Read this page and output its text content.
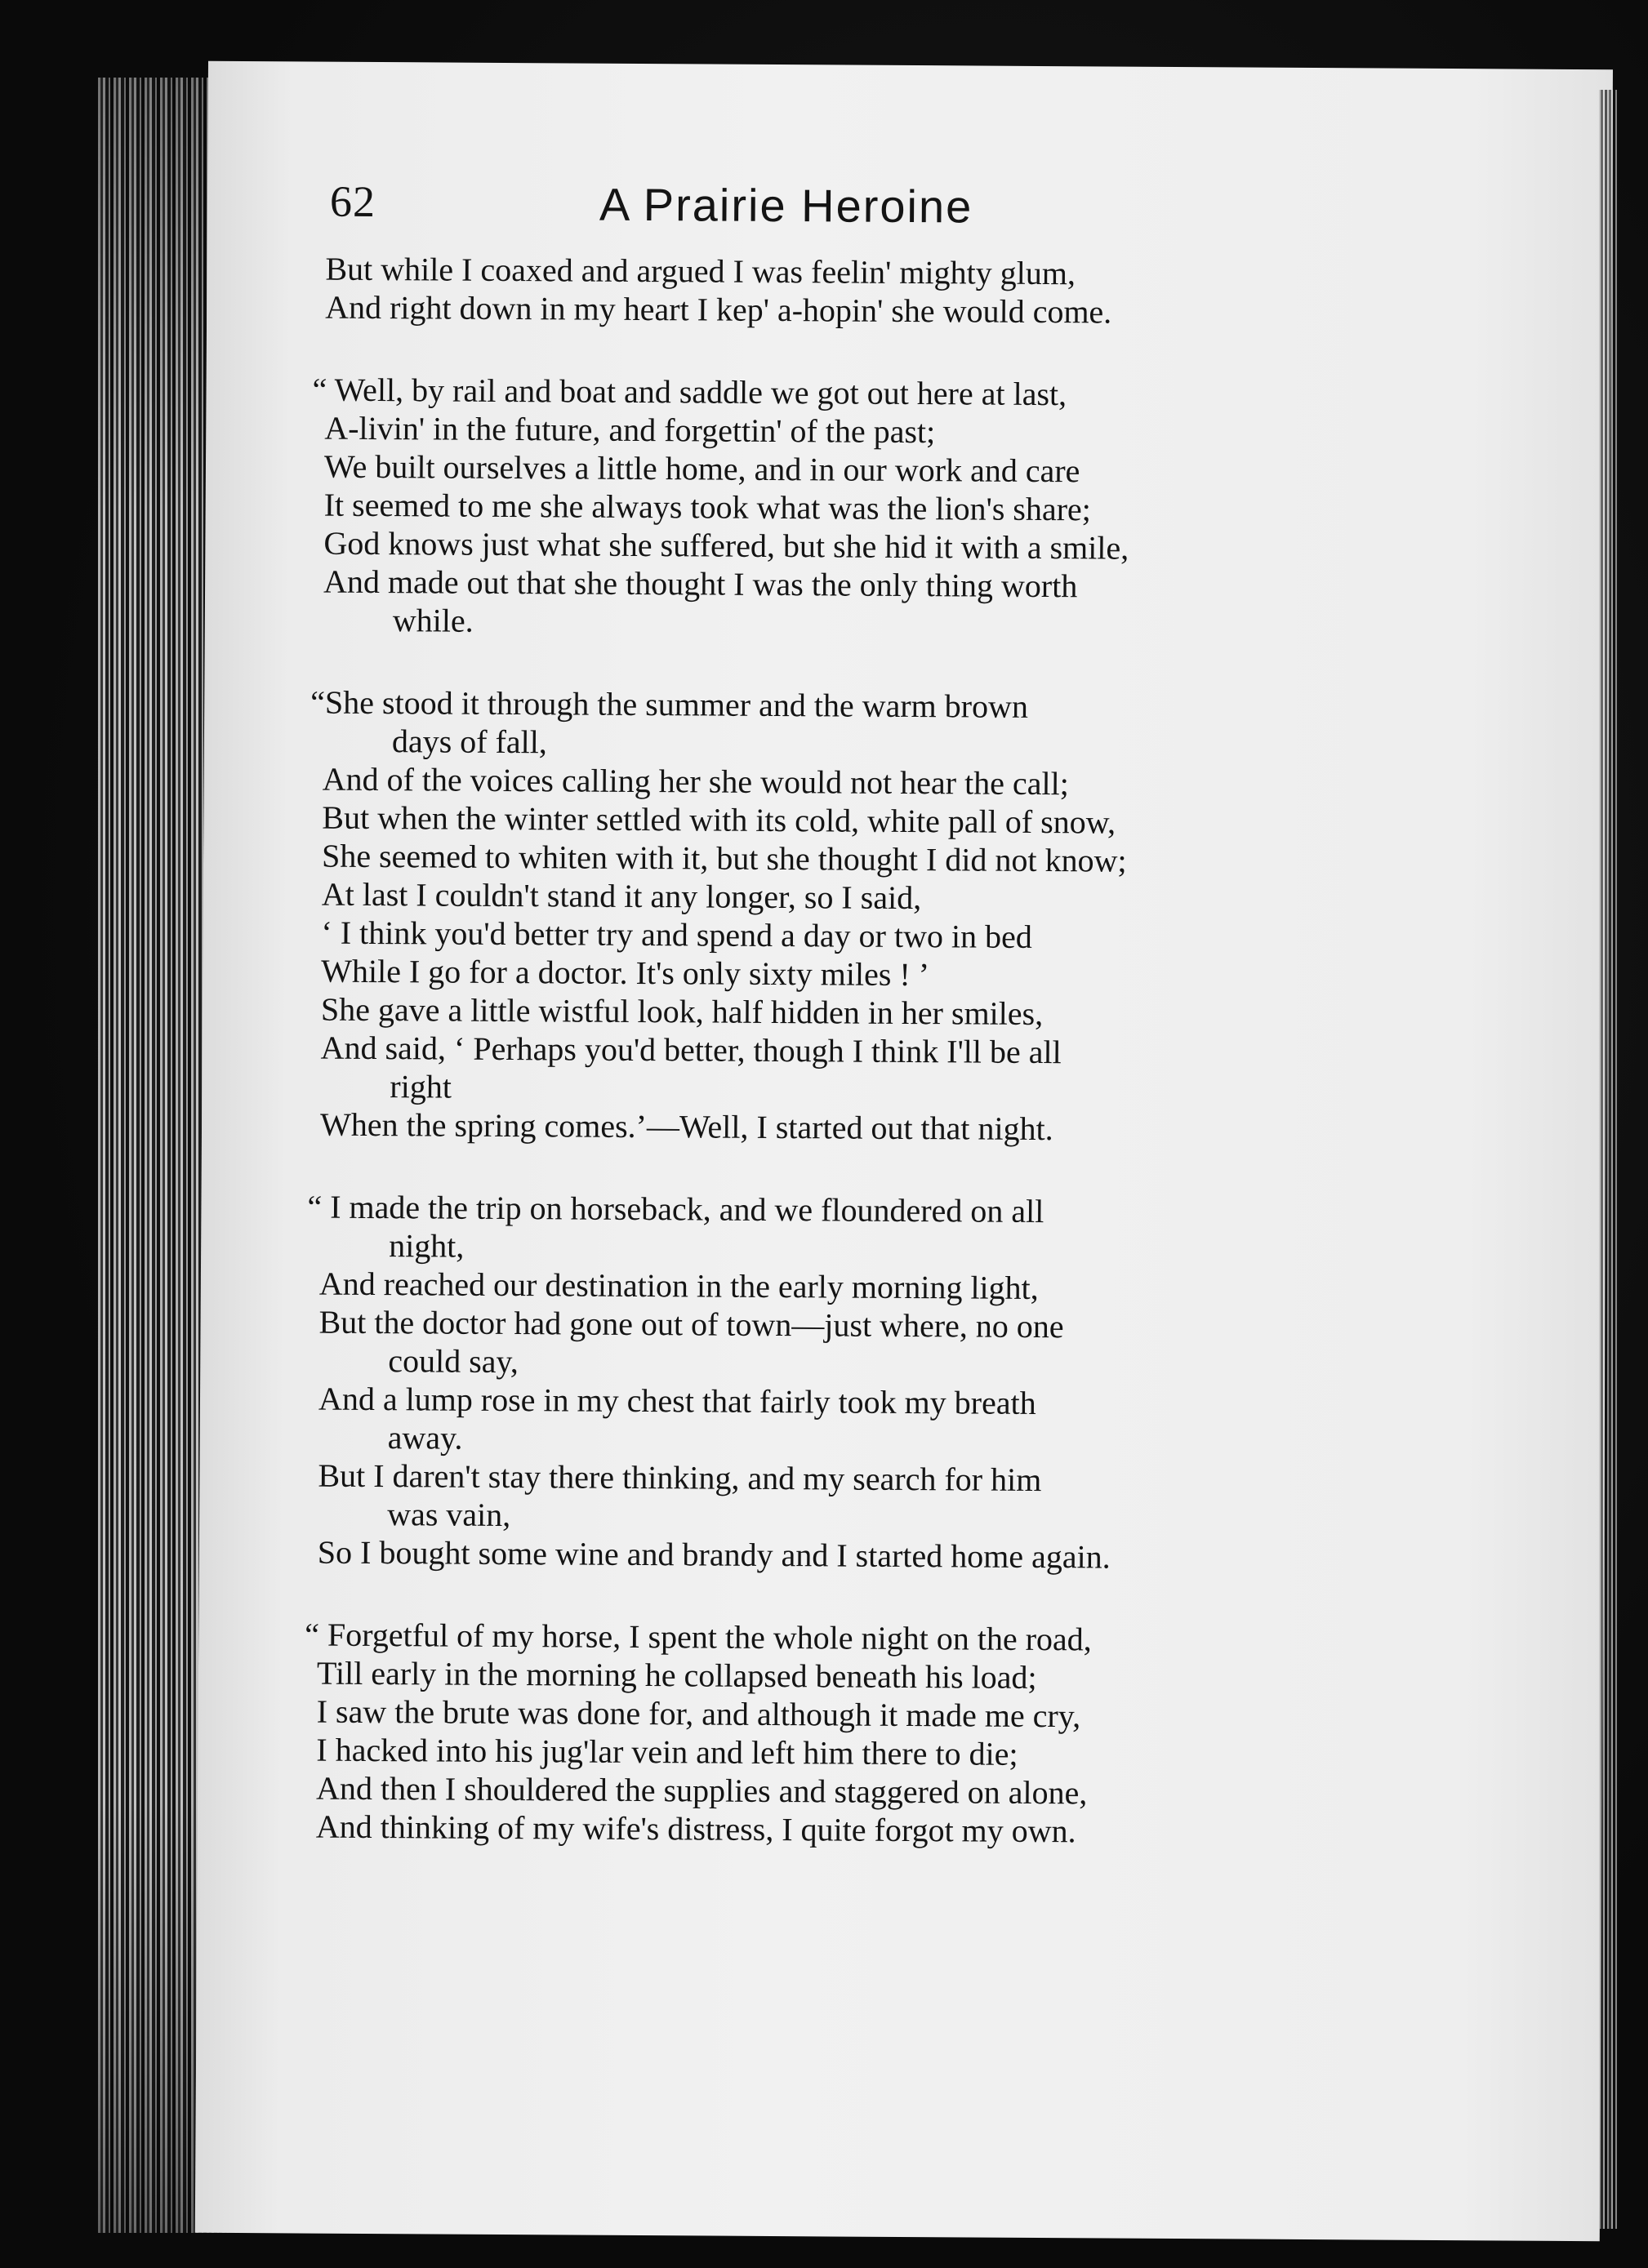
62	A Prairie Heroine
But while I coaxed and argued I was feelin' mighty glum,
And right down in my heart I kep' a-hopin' she would come.
“ Well, by rail and boat and saddle we got out here at last,
A-livin' in the future, and forgettin' of the past;
We built ourselves a little home, and in our work and care
It seemed to me she always took what was the lion's share;
God knows just what she suffered, but she hid it with a smile,
And made out that she thought I was the only thing worth
while.
“She stood it through the summer and the warm brown
days of fall,
And of the voices calling her she would not hear the call;
But when the winter settled with its cold, white pall of snow,
She seemed to whiten with it, but she thought I did not know;
At last I couldn't stand it any longer, so I said,
‘ I think you'd better try and spend a day or two in bed
While I go for a doctor. It's only sixty miles ! ’
She gave a little wistful look, half hidden in her smiles,
And said, ‘ Perhaps you'd better, though I think I'll be all
right
When the spring comes.’—Well, I started out that night.
“ I made the trip on horseback, and we floundered on all
night,
And reached our destination in the early morning light,
But the doctor had gone out of town—just where, no one
could say,
And a lump rose in my chest that fairly took my breath
away.
But I daren't stay there thinking, and my search for him
was vain,
So I bought some wine and brandy and I started home again.
“ Forgetful of my horse, I spent the whole night on the road,
Till early in the morning he collapsed beneath his load;
I saw the brute was done for, and although it made me cry,
I hacked into his jug'lar vein and left him there to die;
And then I shouldered the supplies and staggered on alone,
And thinking of my wife's distress, I quite forgot my own.
